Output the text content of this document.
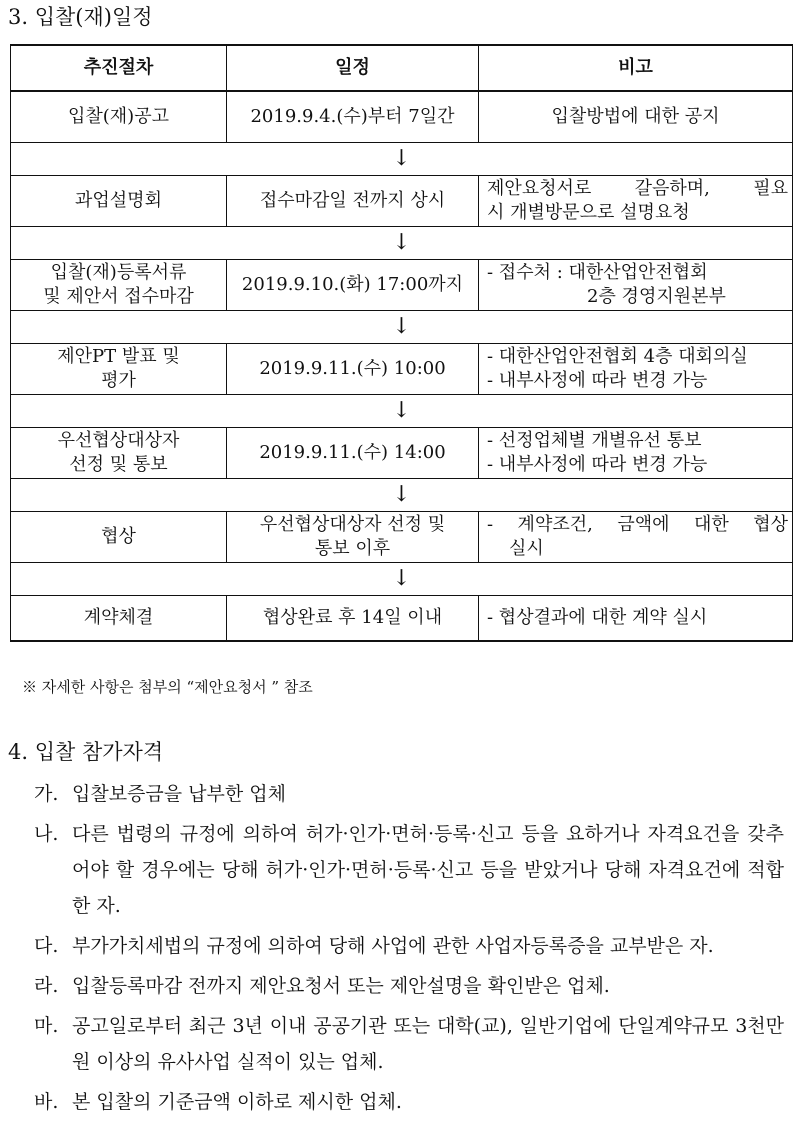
3. 입찰(재)일정
추진절차	일정	비고
입찰(재)공고	2019.9.4.(수)부터 7일간	입찰방법에 대한 공지
↓		
과업설명회	접수마감일 전까지 상시	제안요청서로 갈음하며, 필요
시 개별방문으로 설명요청

↓		

입찰(재)등록서류
및 제안서 접수마감	2019.9.10.(화) 17:00까지	- 접수처 : 대한산업안전협회
2층 경영지원본부

↓		

제안PT 발표 및
평가	2019.9.11.(수) 10:00	- 대한산업안전협회 4층 대회의실
- 내부사정에 따라 변경 가능

↓		

우선협상대상자
선정 및 통보	2019.9.11.(수) 14:00	- 선정업체별 개별유선 통보
- 내부사정에 따라 변경 가능

↓		
협상	우선협상대상자 선정 및
통보 이후	- 계약조건, 금액에 대한 협상
실시

↓		
계약체결	협상완료 후 14일 이내	- 협상결과에 대한 계약 실시
※ 자세한 사항은 첨부의 “제안요청서 ” 참조
4. 입찰 참가자격
가. 입찰보증금을 납부한 업체
나. 다른 법령의 규정에 의하여 허가·인가·면허·등록·신고 등을 요하거나 자격요건을 갖추어야 할 경우에는 당해 허가·인가·면허·등록·신고 등을 받았거나 당해 자격요건에 적합한 자.
다. 부가가치세법의 규정에 의하여 당해 사업에 관한 사업자등록증을 교부받은 자.
라. 입찰등록마감 전까지 제안요청서 또는 제안설명을 확인받은 업체.
마. 공고일로부터 최근 3년 이내 공공기관 또는 대학(교), 일반기업에 단일계약규모 3천만원 이상의 유사사업 실적이 있는 업체.
바. 본 입찰의 기준금액 이하로 제시한 업체.
